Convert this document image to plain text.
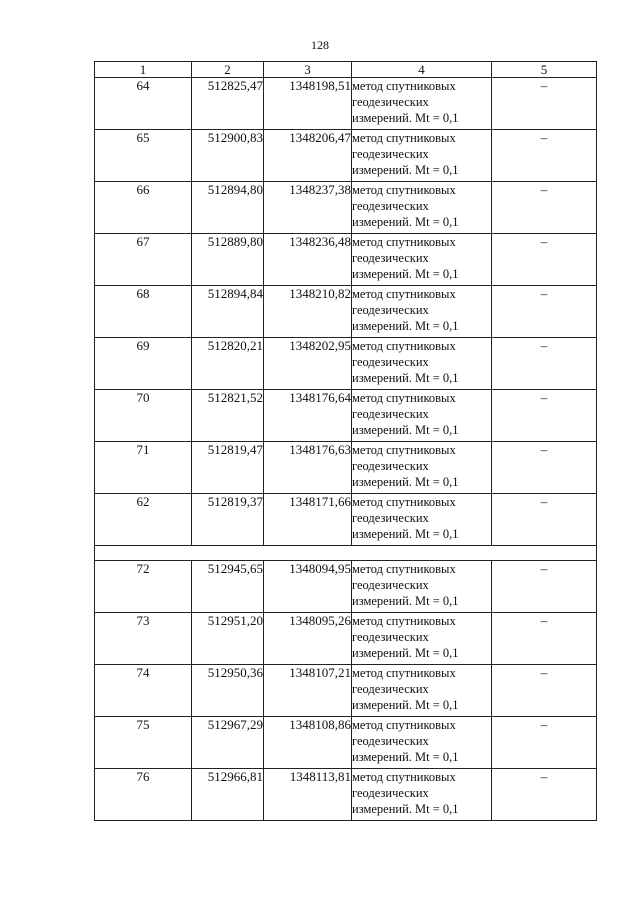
128
1	2	3	4	5
64	512825,47	1348198,51	метод спутниковых
геодезических
измерений. Mt = 0,1	–
65	512900,83	1348206,47	метод спутниковых
геодезических
измерений. Mt = 0,1	–
66	512894,80	1348237,38	метод спутниковых
геодезических
измерений. Mt = 0,1	–
67	512889,80	1348236,48	метод спутниковых
геодезических
измерений. Mt = 0,1	–
68	512894,84	1348210,82	метод спутниковых
геодезических
измерений. Mt = 0,1	–
69	512820,21	1348202,95	метод спутниковых
геодезических
измерений. Mt = 0,1	–
70	512821,52	1348176,64	метод спутниковых
геодезических
измерений. Mt = 0,1	–
71	512819,47	1348176,63	метод спутниковых
геодезических
измерений. Mt = 0,1	–
62	512819,37	1348171,66	метод спутниковых
геодезических
измерений. Mt = 0,1	–

72	512945,65	1348094,95	метод спутниковых
геодезических
измерений. Mt = 0,1	–
73	512951,20	1348095,26	метод спутниковых
геодезических
измерений. Mt = 0,1	–
74	512950,36	1348107,21	метод спутниковых
геодезических
измерений. Mt = 0,1	–
75	512967,29	1348108,86	метод спутниковых
геодезических
измерений. Mt = 0,1	–
76	512966,81	1348113,81	метод спутниковых
геодезических
измерений. Mt = 0,1	–
